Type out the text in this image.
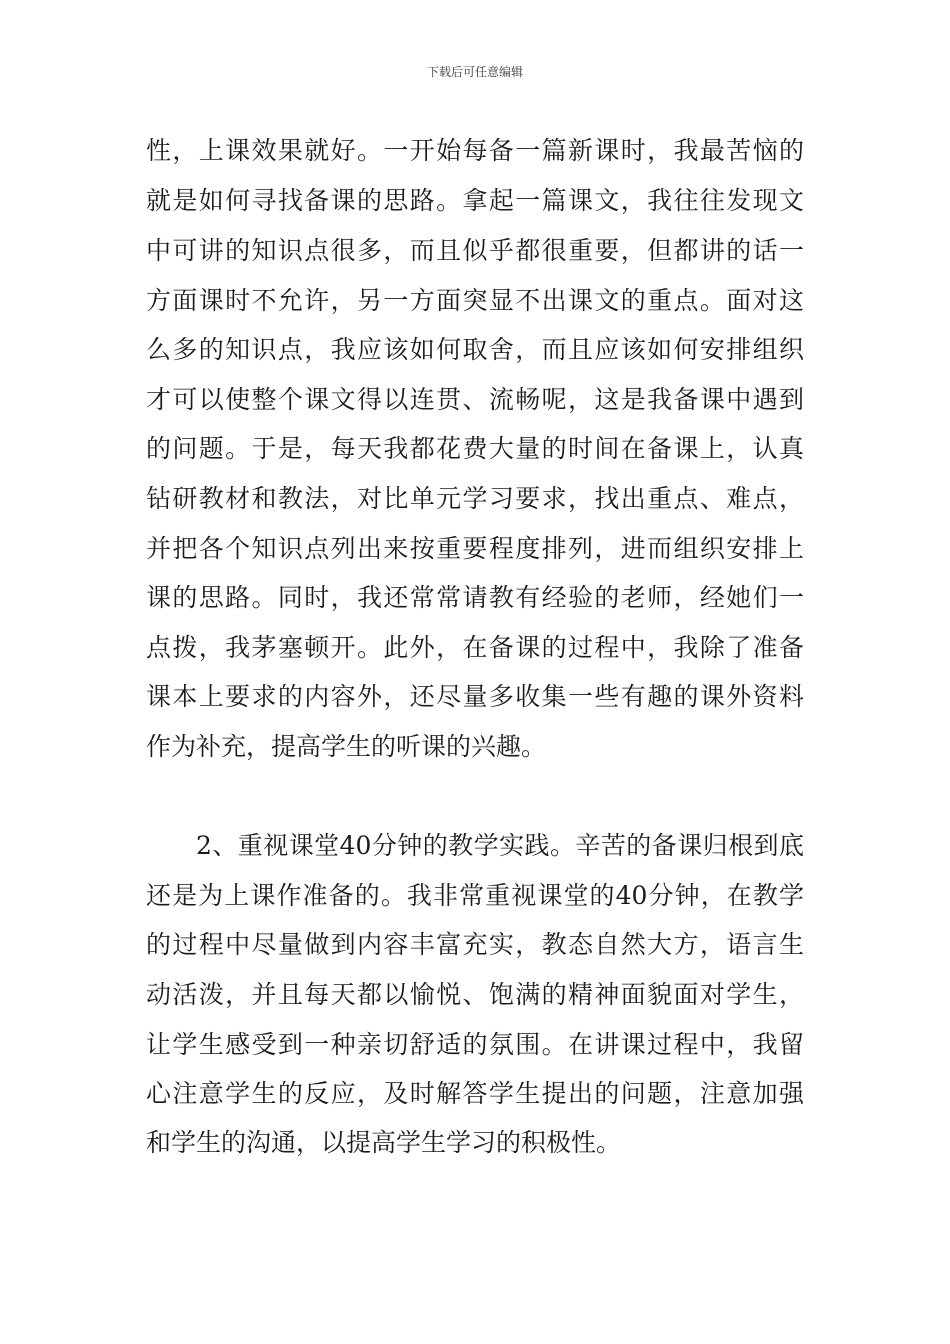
下载后可任意编辑
性，上课效果就好。一开始每备一篇新课时，我最苦恼的
就是如何寻找备课的思路。拿起一篇课文，我往往发现文
中可讲的知识点很多，而且似乎都很重要，但都讲的话一
方面课时不允许，另一方面突显不出课文的重点。面对这
么多的知识点，我应该如何取舍，而且应该如何安排组织
才可以使整个课文得以连贯、流畅呢，这是我备课中遇到
的问题。于是，每天我都花费大量的时间在备课上，认真
钻研教材和教法，对比单元学习要求，找出重点、难点，
并把各个知识点列出来按重要程度排列，进而组织安排上
课的思路。同时，我还常常请教有经验的老师，经她们一
点拨，我茅塞顿开。此外，在备课的过程中，我除了准备
课本上要求的内容外，还尽量多收集一些有趣的课外资料
作为补充，提高学生的听课的兴趣。
2、重视课堂40分钟的教学实践。辛苦的备课归根到底
还是为上课作准备的。我非常重视课堂的40分钟，在教学
的过程中尽量做到内容丰富充实，教态自然大方，语言生
动活泼，并且每天都以愉悦、饱满的精神面貌面对学生，
让学生感受到一种亲切舒适的氛围。在讲课过程中，我留
心注意学生的反应，及时解答学生提出的问题，注意加强
和学生的沟通，以提高学生学习的积极性。
